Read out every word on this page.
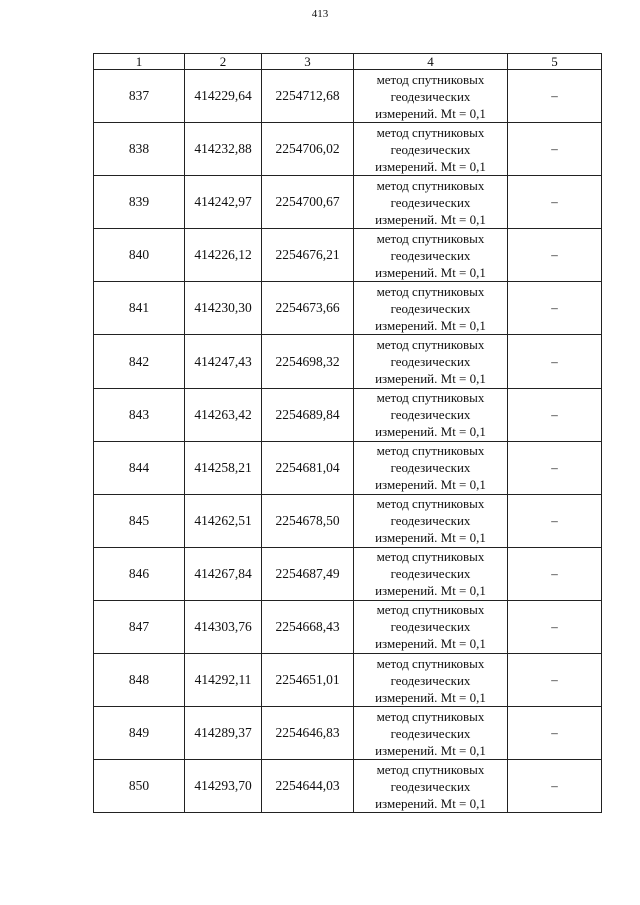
413
1	2	3	4	5
837	414229,64	2254712,68	метод спутниковых
геодезических
измерений. Mt = 0,1	–
838	414232,88	2254706,02	метод спутниковых
геодезических
измерений. Mt = 0,1	–
839	414242,97	2254700,67	метод спутниковых
геодезических
измерений. Mt = 0,1	–
840	414226,12	2254676,21	метод спутниковых
геодезических
измерений. Mt = 0,1	–
841	414230,30	2254673,66	метод спутниковых
геодезических
измерений. Mt = 0,1	–
842	414247,43	2254698,32	метод спутниковых
геодезических
измерений. Mt = 0,1	–
843	414263,42	2254689,84	метод спутниковых
геодезических
измерений. Mt = 0,1	–
844	414258,21	2254681,04	метод спутниковых
геодезических
измерений. Mt = 0,1	–
845	414262,51	2254678,50	метод спутниковых
геодезических
измерений. Mt = 0,1	–
846	414267,84	2254687,49	метод спутниковых
геодезических
измерений. Mt = 0,1	–
847	414303,76	2254668,43	метод спутниковых
геодезических
измерений. Mt = 0,1	–
848	414292,11	2254651,01	метод спутниковых
геодезических
измерений. Mt = 0,1	–
849	414289,37	2254646,83	метод спутниковых
геодезических
измерений. Mt = 0,1	–
850	414293,70	2254644,03	метод спутниковых
геодезических
измерений. Mt = 0,1	–
